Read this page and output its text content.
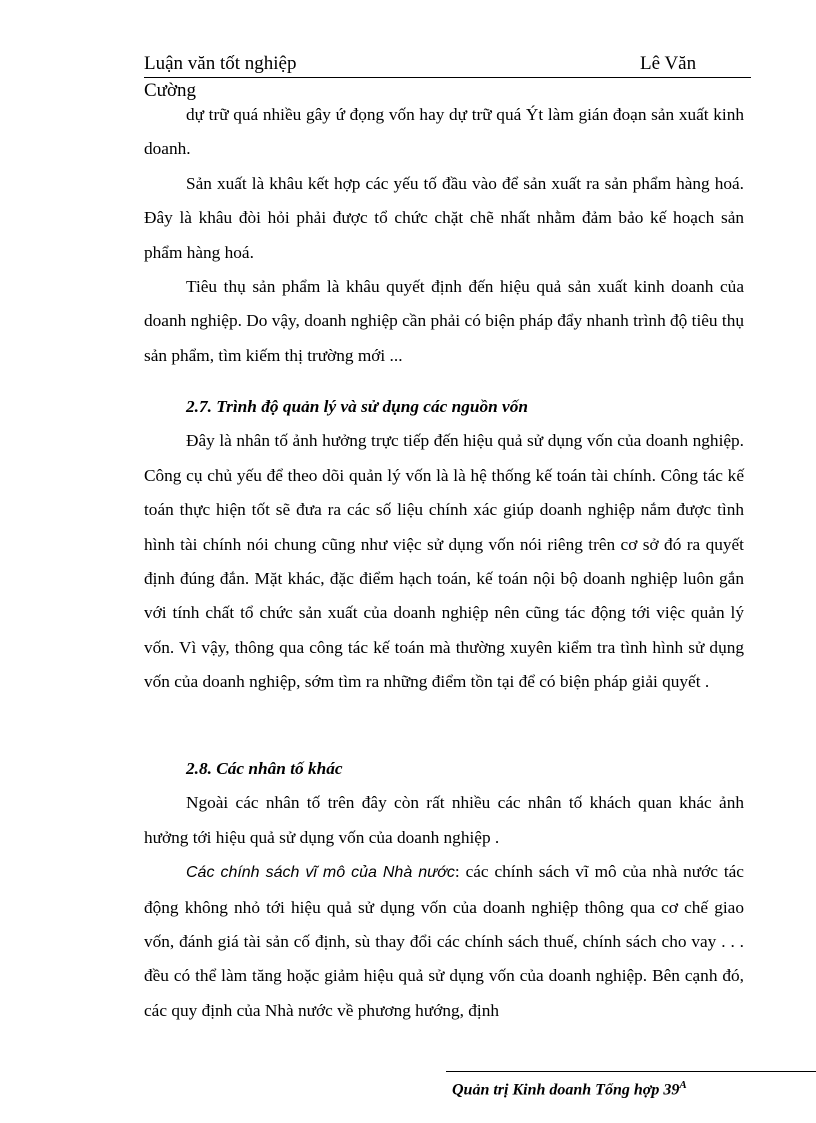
Luận văn tốt nghiệp	Lê Văn
Cường

dự trữ quá nhiều gây ứ đọng vốn hay dự trữ quá Ýt làm gián đoạn sản xuất kinh doanh.

Sản xuất là khâu kết hợp các yếu tố đầu vào để sản xuất ra sản phẩm hàng hoá. Đây là khâu đòi hỏi phải được tổ chức chặt chẽ nhất nhằm đảm bảo kế hoạch sản phẩm hàng hoá.

Tiêu thụ sản phẩm là khâu quyết định đến hiệu quả sản xuất kinh doanh của doanh nghiệp. Do vậy, doanh nghiệp cần phải có biện pháp đẩy nhanh trình độ tiêu thụ sản phẩm, tìm kiếm thị trường mới ...

2.7. Trình độ quản lý và sử dụng các nguồn vốn

Đây là nhân tố ảnh hưởng trực tiếp đến hiệu quả sử dụng vốn của doanh nghiệp. Công cụ chủ yếu để theo dõi quản lý vốn là là hệ thống kế toán tài chính. Công tác kế toán thực hiện tốt sẽ đưa ra các số liệu chính xác giúp doanh nghiệp nắm được tình hình tài chính nói chung cũng như việc sử dụng vốn nói riêng trên cơ sở đó ra quyết định đúng đắn. Mặt khác, đặc điểm hạch toán, kế toán nội bộ doanh nghiệp luôn gắn với tính chất tổ chức sản xuất của doanh nghiệp nên cũng tác động tới việc quản lý vốn. Vì vậy, thông qua công tác kế toán mà thường xuyên kiểm tra tình hình sử dụng vốn của doanh nghiệp, sớm tìm ra những điểm tồn tại để có biện pháp giải quyết .

2.8. Các nhân tố khác

Ngoài các nhân tố trên đây còn rất nhiều các nhân tố khách quan khác ảnh hưởng tới hiệu quả sử dụng vốn của doanh nghiệp .

Các chính sách vĩ mô của Nhà nước: các chính sách vĩ mô của nhà nước tác động không nhỏ tới hiệu quả sử dụng vốn của doanh nghiệp thông qua cơ chế giao vốn, đánh giá tài sản cố định, sù thay đổi các chính sách thuế, chính sách cho vay . . . đều có thể làm tăng hoặc giảm hiệu quả sử dụng vốn của doanh nghiệp. Bên cạnh đó, các quy định của Nhà nước về phương hướng, định

Quản trị Kinh doanh Tổng hợp $39^A$
